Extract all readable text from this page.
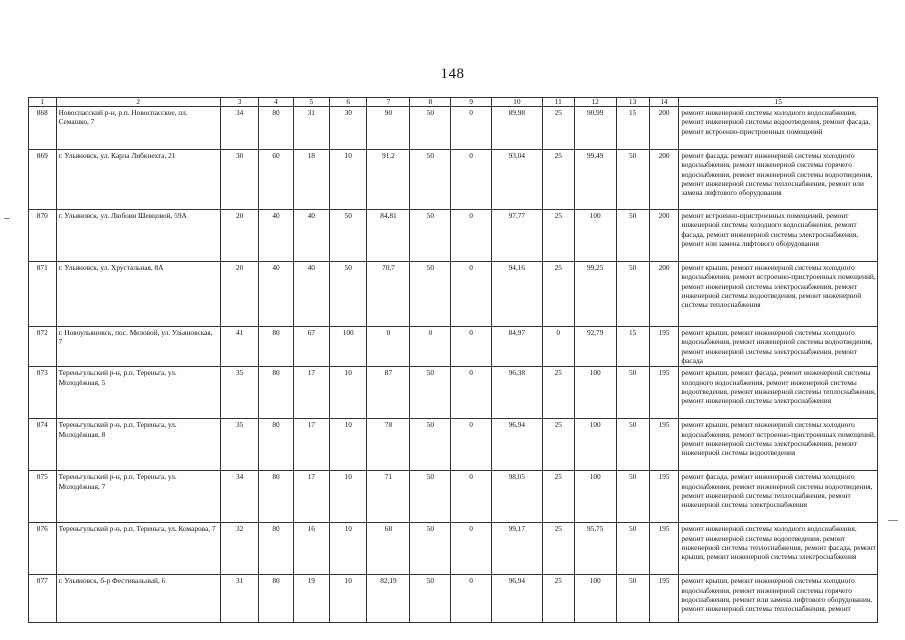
148
1	2	3	4	5	6	7	8	9	10	11	12	13	14	15
868	Новоспасский р-н, р.п. Новоспасское, пл. Семашко, 7	34	80	31	30	90	50	0	89,98	25	90,99	15	200	ремонт инженерной системы холодного водоснабжения, ремонт инженерной системы водоотведения, ремонт фасада, ремонт встроенно-пристроенных помещений
869	г. Ульяновск, ул. Карла Либкнехта, 21	30	60	18	10	91,2	50	0	93,04	25	99,49	50	200	ремонт фасада, ремонт инженерной системы холодного водоснабжения, ремонт инженерной системы горячего водоснабжения, ремонт инженерной системы водоотведения, ремонт инженерной системы теплоснабжения, ремонт или замена лифтового оборудования
870	г. Ульяновск, ул. Любови Шевцовой, 59А	20	40	40	50	84,81	50	0	97,77	25	100	50	200	ремонт встроенно-пристроенных помещений, ремонт инженерной системы холодного водоснабжения, ремонт фасада, ремонт инженерной системы электроснабжения, ремонт или замена лифтового оборудования
871	г. Ульяновск, ул. Хрустальная, 8А	20	40	40	50	70,7	50	0	94,16	25	99,25	50	200	ремонт крыши, ремонт инженерной системы холодного водоснабжения, ремонт встроенно-пристроенных помещений, ремонт инженерной системы электроснабжения, ремонт инженерной системы водоотведения, ремонт инженерной системы теплоснабжения
872	г. Новоульяновск, пос. Меловой, ул. Ульяновская, 7	41	80	67	100	0	0	0	84,97	0	92,79	15	195	ремонт крыши, ремонт инженерной системы холодного водоснабжения, ремонт инженерной системы водоотведения, ремонт инженерной системы электроснабжения, ремонт фасада
873	Тереньгульский р-н, р.п. Тереньга, ул. Молодёжная, 5	35	80	17	10	87	50	0	96,38	25	100	50	195	ремонт крыши, ремонт фасада, ремонт инженерной системы холодного водоснабжения, ремонт инженерной системы водоотведения, ремонт инженерной системы теплоснабжения, ремонт инженерной системы электроснабжения
874	Тереньгульский р-н, р.п. Тереньга, ул. Молодёжная, 8	35	80	17	10	78	50	0	96,94	25	100	50	195	ремонт крыши, ремонт инженерной системы холодного водоснабжения, ремонт встроенно-пристроенных помещений, ремонт инженерной системы электроснабжения, ремонт инженерной системы водоотведения
875	Тереньгульский р-н, р.п. Тереньга, ул. Молодёжная, 7	34	80	17	10	71	50	0	98,05	25	100	50	195	ремонт фасада, ремонт инженерной системы холодного водоснабжения, ремонт инженерной системы водоотведения, ремонт инженерной системы теплоснабжения, ремонт инженерной системы электроснабжения
876	Тереньгульский р-н, р.п. Тереньга, ул. Комарова, 7	32	80	16	10	68	50	0	99,17	25	95,75	50	195	ремонт инженерной системы холодного водоснабжения, ремонт инженерной системы водоотведения, ремонт инженерной системы теплоснабжения, ремонт фасада, ремонт крыши, ремонт инженерной системы электроснабжения
877	г. Ульяновск, б-р Фестивальный, 6	31	80	19	10	82,19	50	0	96,94	25	100	50	195	ремонт крыши, ремонт инженерной системы холодного водоснабжения, ремонт инженерной системы горячего водоснабжения, ремонт или замена лифтового оборудования, ремонт инженерной системы теплоснабжения, ремонт
